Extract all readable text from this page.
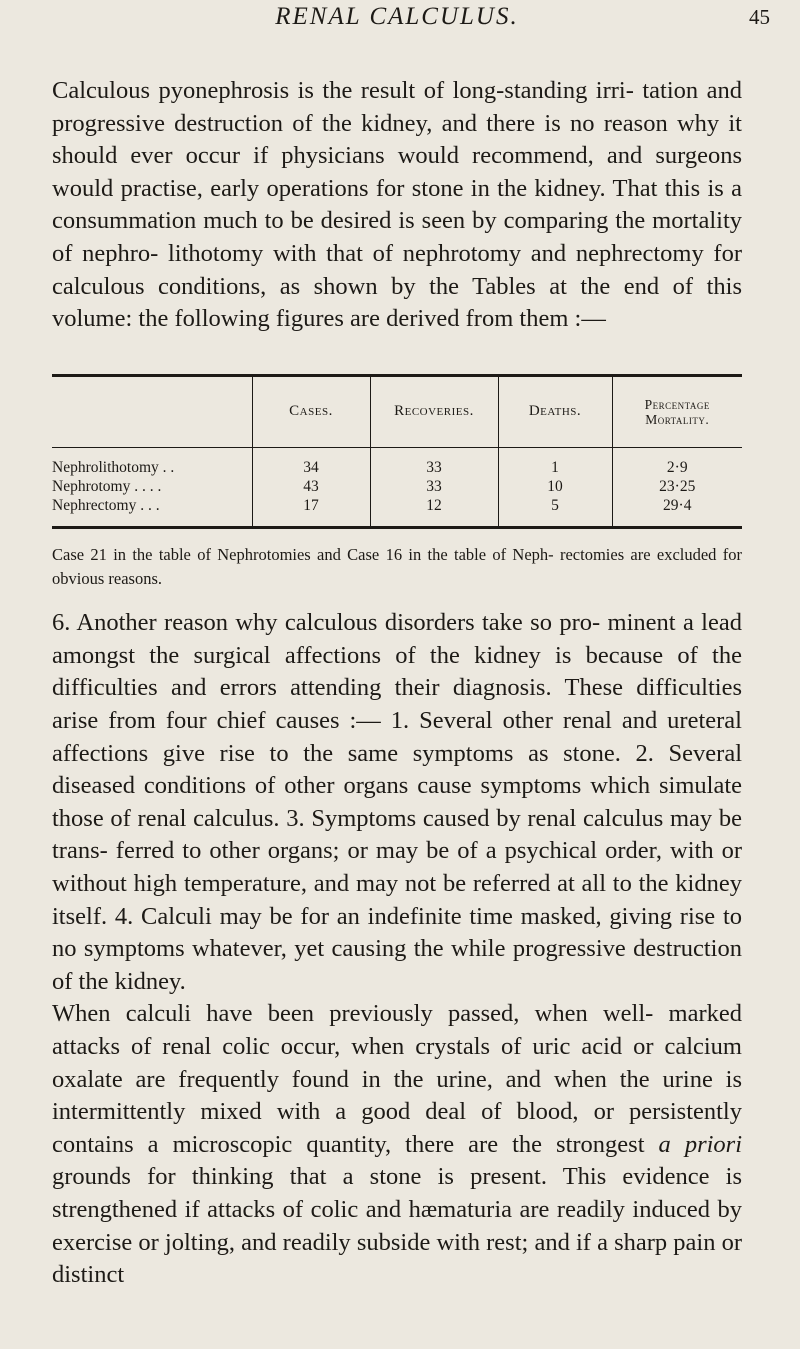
RENAL CALCULUS.	45

Calculous pyonephrosis is the result of long-standing irri- tation and progressive destruction of the kidney, and there is no reason why it should ever occur if physicians would recommend, and surgeons would practise, early operations for stone in the kidney. That this is a consummation much to be desired is seen by comparing the mortality of nephro- lithotomy with that of nephrotomy and nephrectomy for calculous conditions, as shown by the Tables at the end of this volume: the following figures are derived from them :—

	Cases.	Recoveries.	Deaths.	Percentage
Mortality.
Nephrolithotomy . .	34	33	1	2·9
Nephrotomy . . . .	43	33	10	23·25
Nephrectomy . . .	17	12	5	29·4

Case 21 in the table of Nephrotomies and Case 16 in the table of Neph- rectomies are excluded for obvious reasons.

6. Another reason why calculous disorders take so pro- minent a lead amongst the surgical affections of the kidney is because of the difficulties and errors attending their diagnosis. These difficulties arise from four chief causes :— 1. Several other renal and ureteral affections give rise to the same symptoms as stone. 2. Several diseased conditions of other organs cause symptoms which simulate those of renal calculus. 3. Symptoms caused by renal calculus may be trans- ferred to other organs; or may be of a psychical order, with or without high temperature, and may not be referred at all to the kidney itself. 4. Calculi may be for an indefinite time masked, giving rise to no symptoms whatever, yet causing the while progressive destruction of the kidney.

When calculi have been previously passed, when well- marked attacks of renal colic occur, when crystals of uric acid or calcium oxalate are frequently found in the urine, and when the urine is intermittently mixed with a good deal of blood, or persistently contains a microscopic quantity, there are the strongest a priori grounds for thinking that a stone is present. This evidence is strengthened if attacks of colic and hæmaturia are readily induced by exercise or jolting, and readily subside with rest; and if a sharp pain or distinct
